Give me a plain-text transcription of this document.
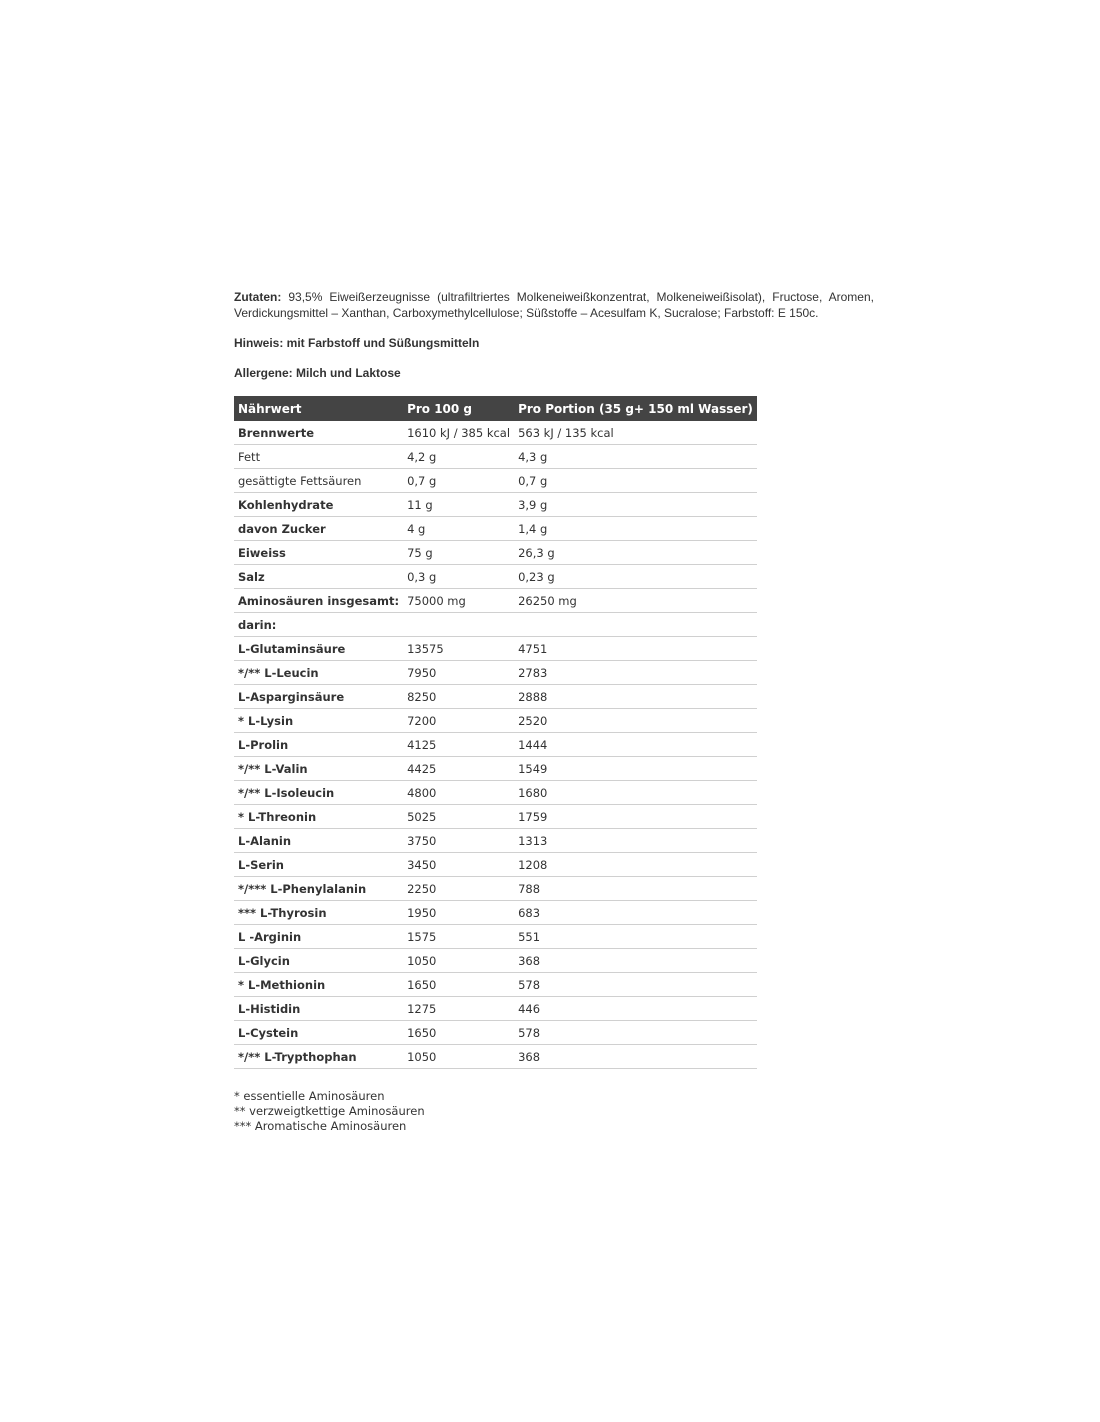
Zutaten: 93,5% Eiweißerzeugnisse (ultrafiltriertes Molkeneiweißkonzentrat, Molkeneiweißisolat), Fructose, Aromen, Verdickungsmittel – Xanthan, Carboxymethylcellulose; Süßstoffe – Acesulfam K, Sucralose; Farbstoff: E 150c.

Hinweis: mit Farbstoff und Süßungsmitteln

Allergene: Milch und Laktose

Nährwert	Pro 100 g	Pro Portion (35 g+ 150 ml Wasser)
Brennwerte	1610 kJ / 385 kcal	563 kJ / 135 kcal
Fett	4,2 g	4,3 g
gesättigte Fettsäuren	0,7 g	0,7 g
Kohlenhydrate	11 g	3,9 g
davon Zucker	4 g	1,4 g
Eiweiss	75 g	26,3 g
Salz	0,3 g	0,23 g
Aminosäuren insgesamt:	75000 mg	26250 mg
darin:		
L-Glutaminsäure	13575	4751
*/** L-Leucin	7950	2783
L-Asparginsäure	8250	2888
* L-Lysin	7200	2520
L-Prolin	4125	1444
*/** L-Valin	4425	1549
*/** L-Isoleucin	4800	1680
* L-Threonin	5025	1759
L-Alanin	3750	1313
L-Serin	3450	1208
*/*** L-Phenylalanin	2250	788
*** L-Thyrosin	1950	683
L -Arginin	1575	551
L-Glycin	1050	368
* L-Methionin	1650	578
L-Histidin	1275	446
L-Cystein	1650	578
*/** L-Trypthophan	1050	368
* essentielle Aminosäuren
** verzweigtkettige Aminosäuren
*** Aromatische Aminosäuren
